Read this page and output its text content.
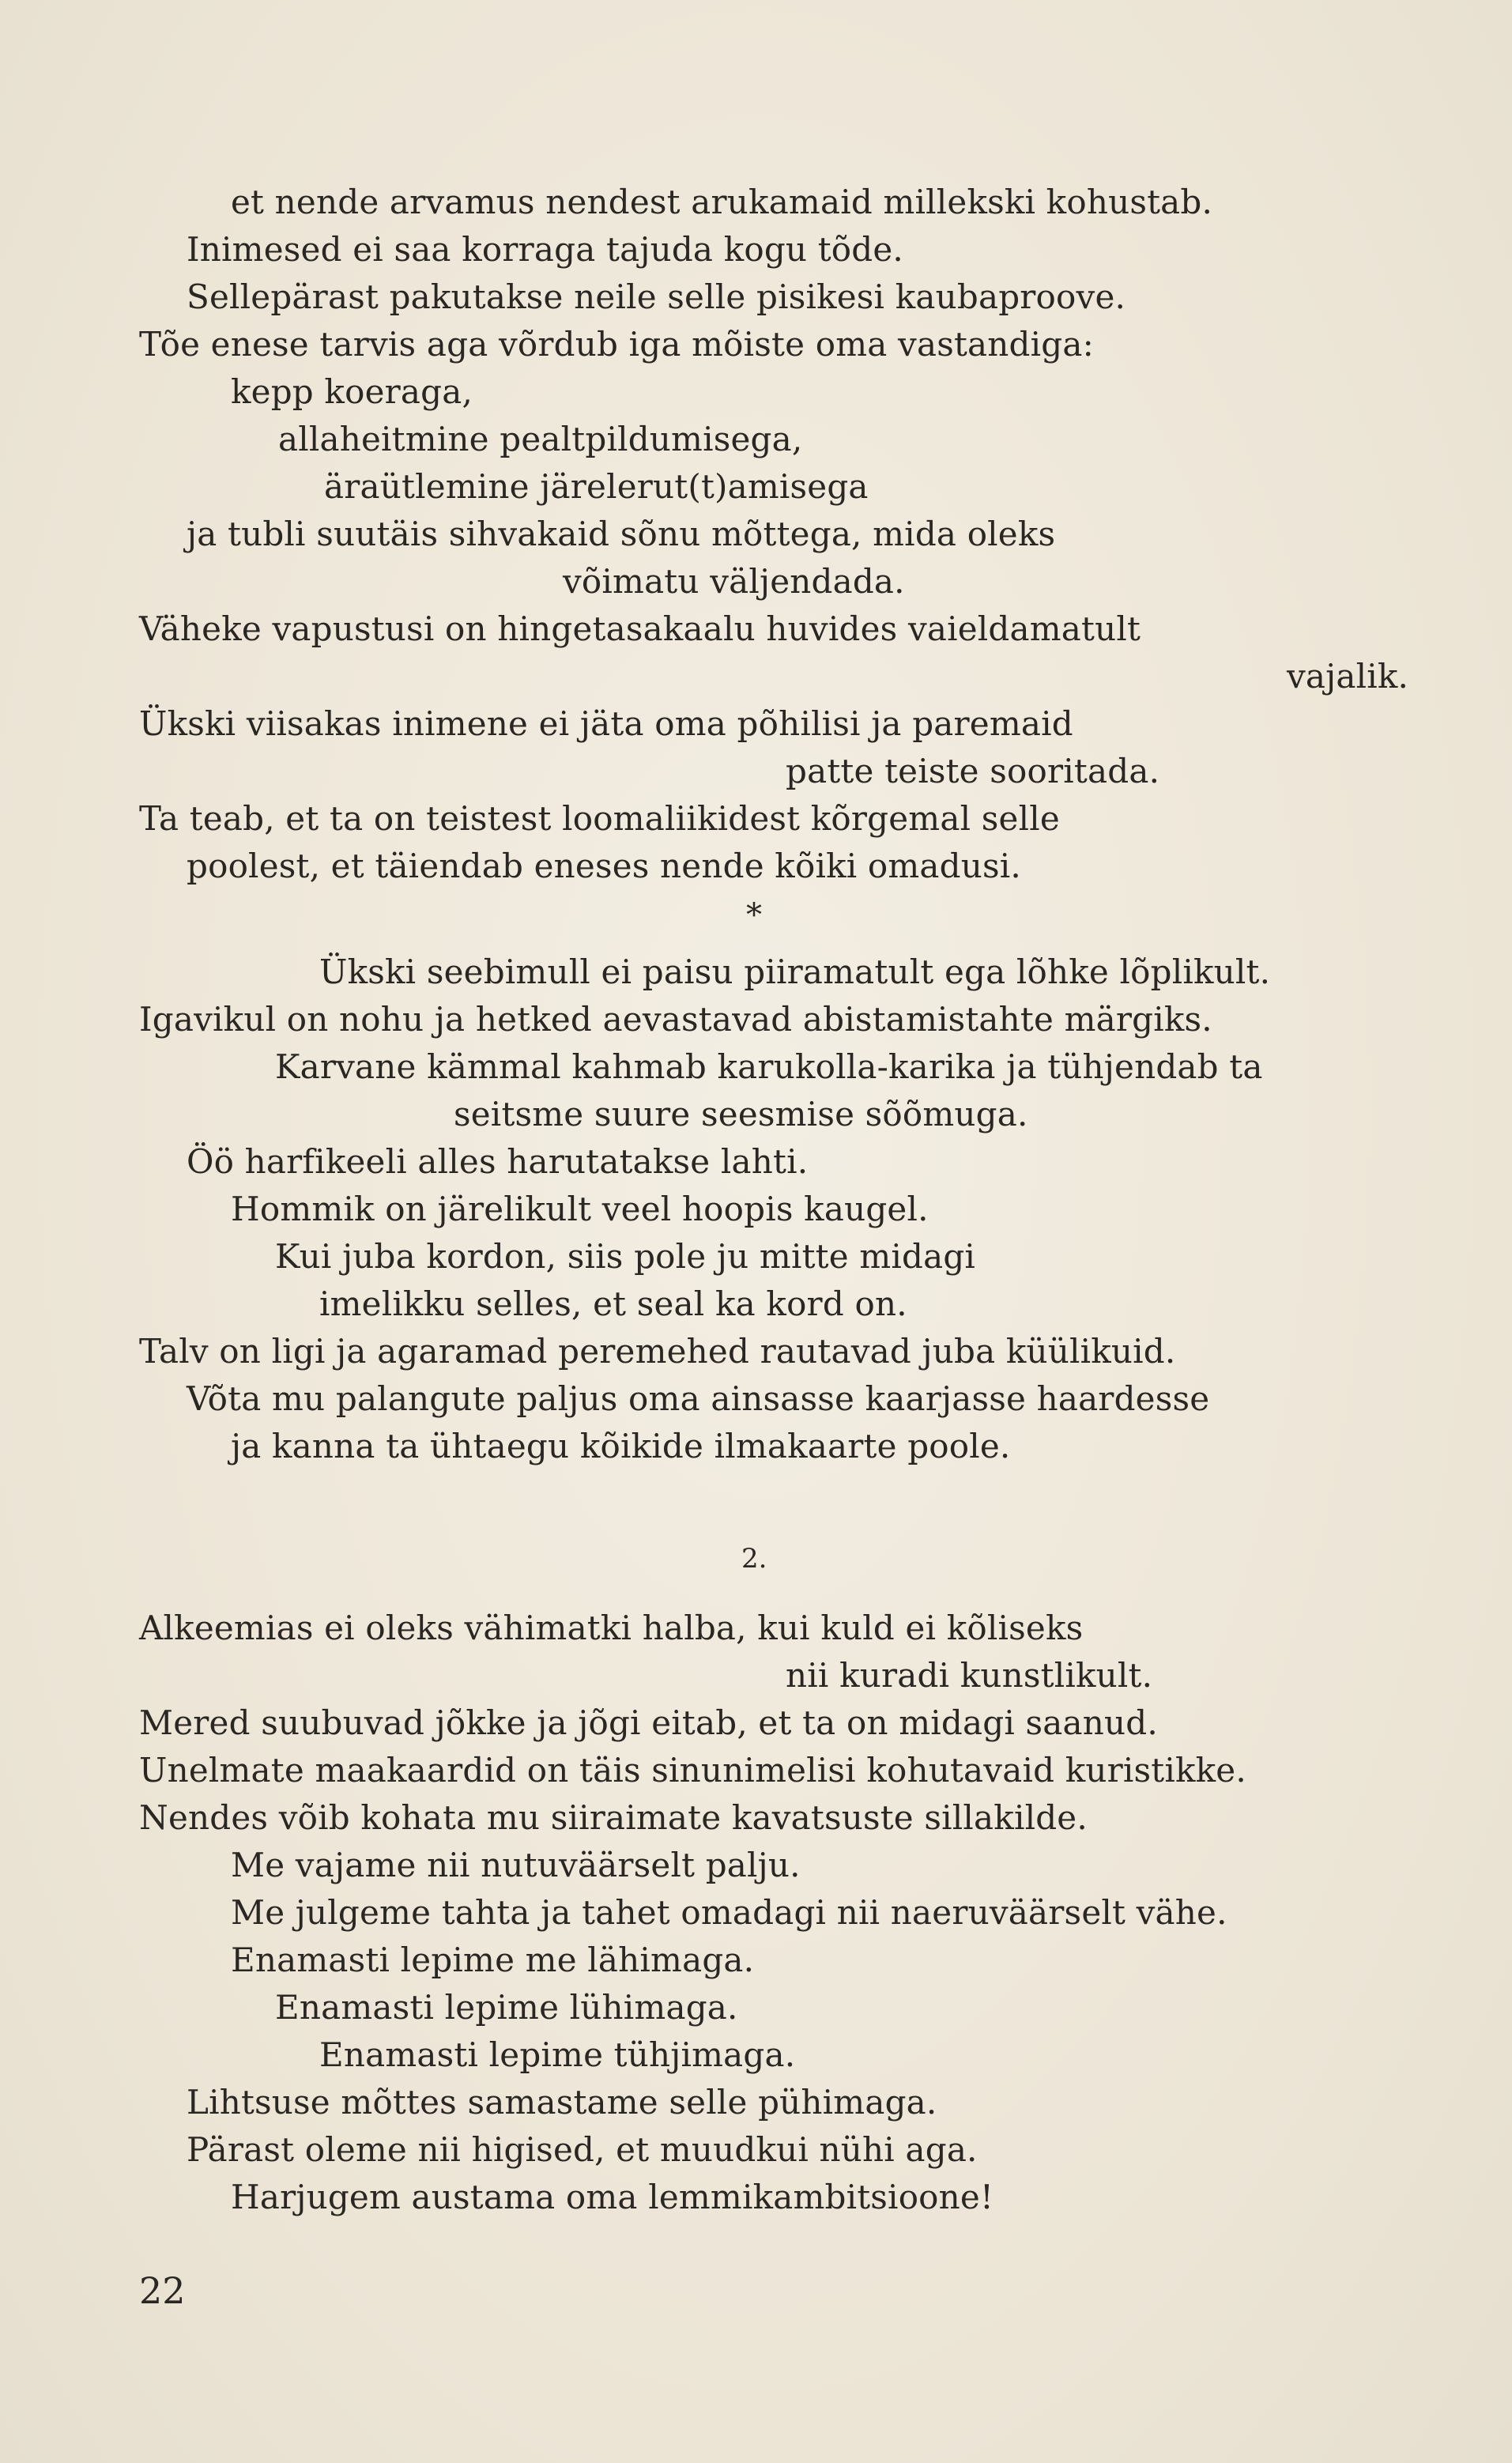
et nende arvamus nendest arukamaid millekski kohustab.
Inimesed ei saa korraga tajuda kogu tõde.
Sellepärast pakutakse neile selle pisikesi kaubaproove.
Tõe enese tarvis aga võrdub iga mõiste oma vastandiga:
kepp koeraga,
allaheitmine pealtpildumisega,
äraütlemine järelerut(t)amisega
ja tubli suutäis sihvakaid sõnu mõttega, mida oleks
võimatu väljendada.
Väheke vapustusi on hingetasakaalu huvides vaieldamatult
vajalik.
Ükski viisakas inimene ei jäta oma põhilisi ja paremaid
patte teiste sooritada.
Ta teab, et ta on teistest loomaliikidest kõrgemal selle
poolest, et täiendab eneses nende kõiki omadusi.
*
Ükski seebimull ei paisu piiramatult ega lõhke lõplikult.
Igavikul on nohu ja hetked aevastavad abistamistahte märgiks.
Karvane kämmal kahmab karukolla-karika ja tühjendab ta
seitsme suure seesmise sõõmuga.
Öö harfikeeli alles harutatakse lahti.
Hommik on järelikult veel hoopis kaugel.
Kui juba kordon, siis pole ju mitte midagi
imelikku selles, et seal ka kord on.
Talv on ligi ja agaramad peremehed rautavad juba küülikuid.
Võta mu palangute paljus oma ainsasse kaarjasse haardesse
ja kanna ta ühtaegu kõikide ilmakaarte poole.
2.
Alkeemias ei oleks vähimatki halba, kui kuld ei kõliseks
nii kuradi kunstlikult.
Mered suubuvad jõkke ja jõgi eitab, et ta on midagi saanud.
Unelmate maakaardid on täis sinunimelisi kohutavaid kuristikke.
Nendes võib kohata mu siiraimate kavatsuste sillakilde.
Me vajame nii nutuväärselt palju.
Me julgeme tahta ja tahet omadagi nii naeruväärselt vähe.
Enamasti lepime me lähimaga.
Enamasti lepime lühimaga.
Enamasti lepime tühjimaga.
Lihtsuse mõttes samastame selle pühimaga.
Pärast oleme nii higised, et muudkui nühi aga.
Harjugem austama oma lemmikambitsioone!
22
